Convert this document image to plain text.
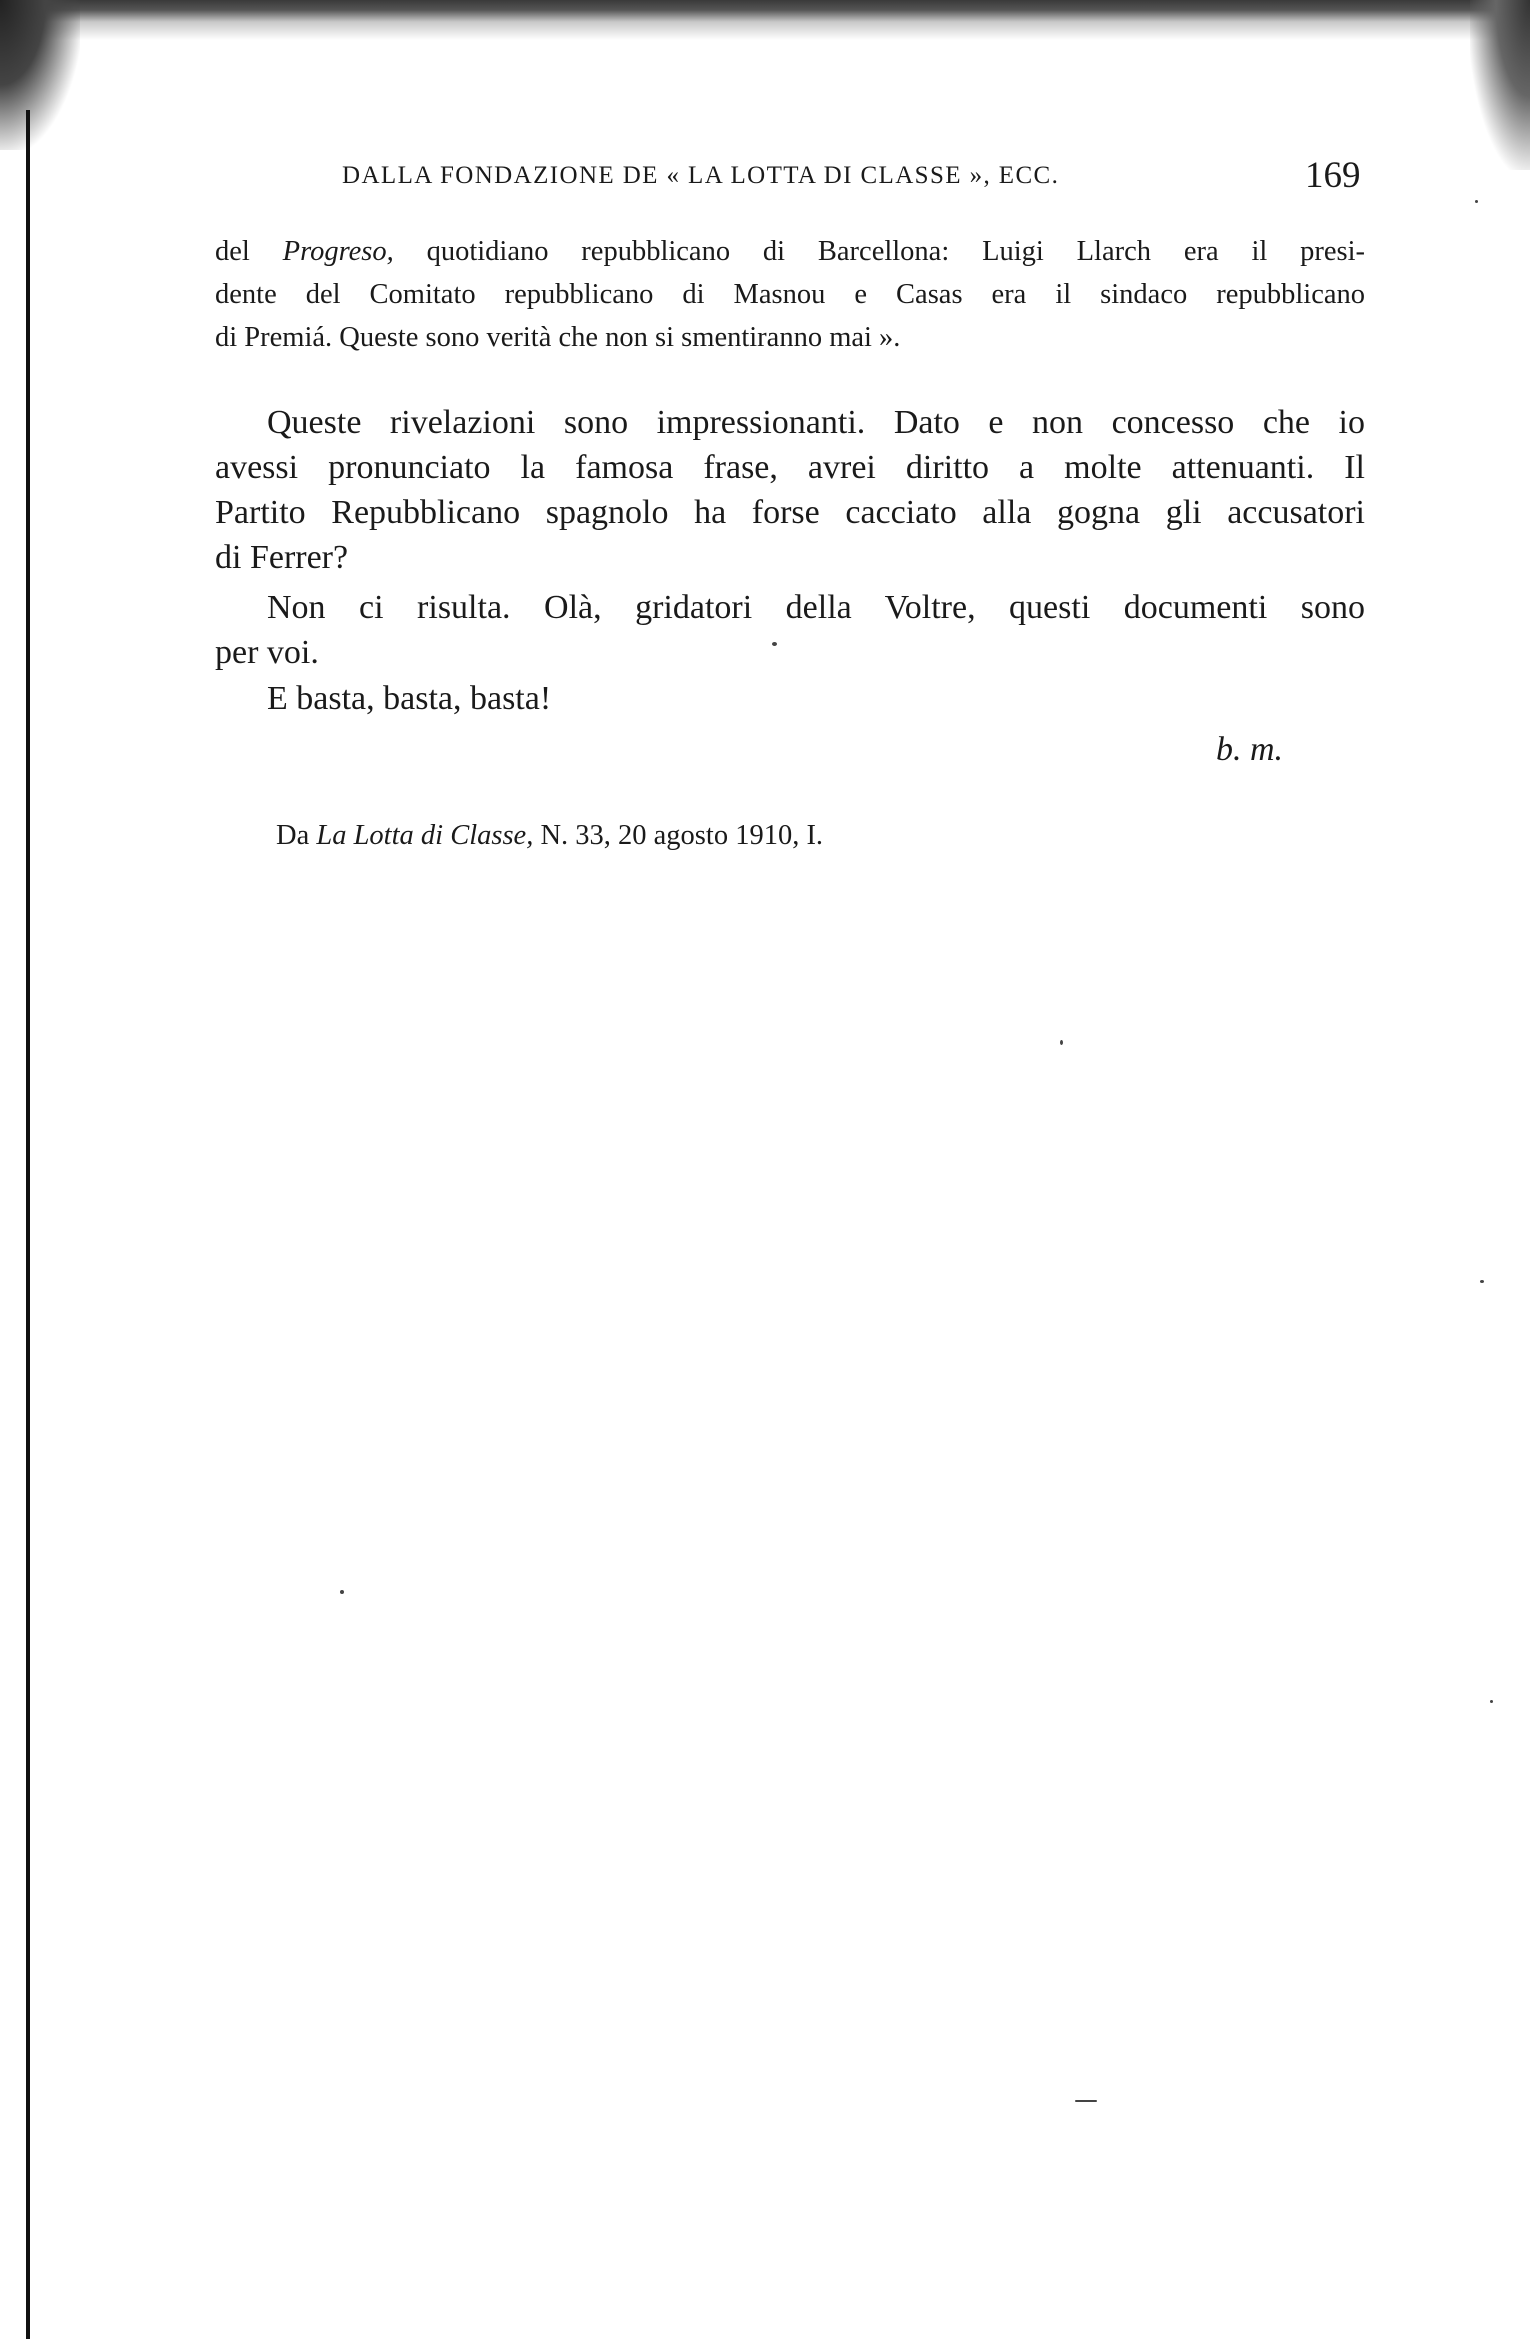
DALLA FONDAZIONE DE « LA LOTTA DI CLASSE », ECC.	169
del Progreso, quotidiano repubblicano di Barcellona: Luigi Llarch era il presi-
dente del Comitato repubblicano di Masnou e Casas era il sindaco repubblicano
di Premiá. Queste sono verità che non si smentiranno mai ».
Queste rivelazioni sono impressionanti. Dato e non concesso che io
avessi pronunciato la famosa frase, avrei diritto a molte attenuanti. Il
Partito Repubblicano spagnolo ha forse cacciato alla gogna gli accusatori
di Ferrer?
Non ci risulta. Olà, gridatori della Voltre, questi documenti sono
per voi.
E basta, basta, basta!
b. m.
Da La Lotta di Classe, N. 33, 20 agosto 1910, I.
